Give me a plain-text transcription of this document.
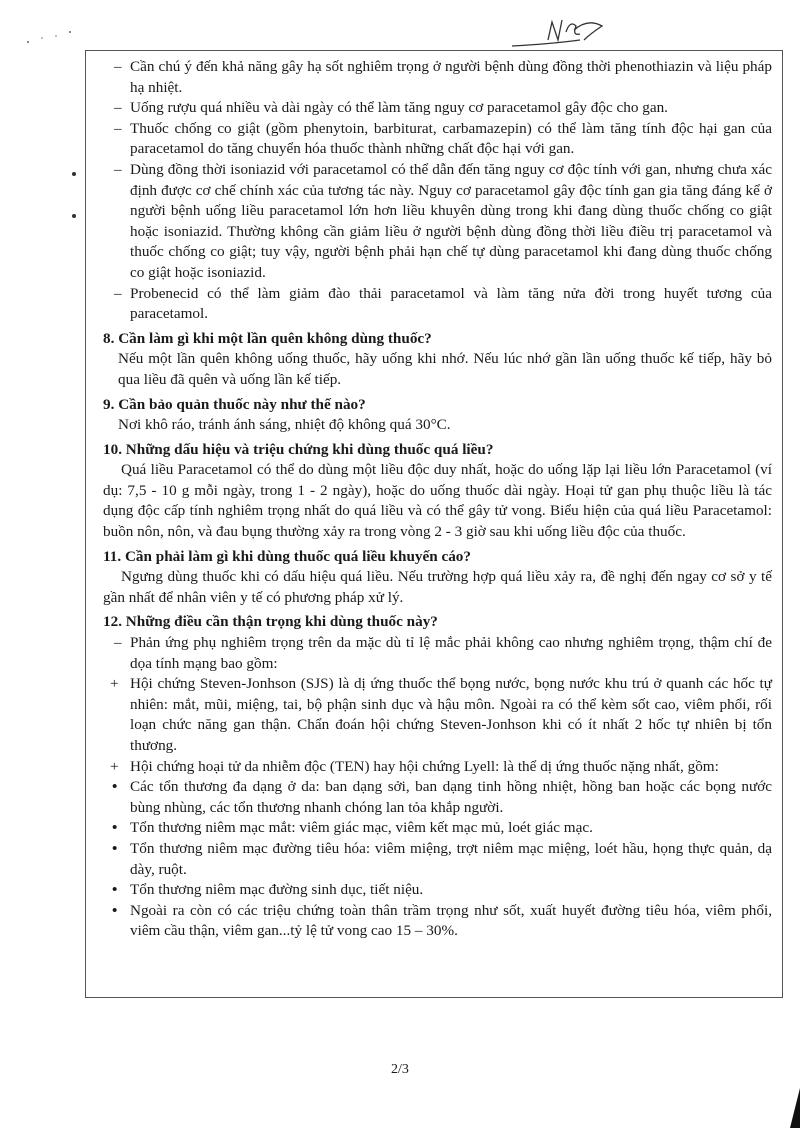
– Cần chú ý đến khả năng gây hạ sốt nghiêm trọng ở người bệnh dùng đồng thời phenothiazin và liệu pháp hạ nhiệt.
– Uống rượu quá nhiều và dài ngày có thể làm tăng nguy cơ paracetamol gây độc cho gan.
– Thuốc chống co giật (gồm phenytoin, barbiturat, carbamazepin) có thể làm tăng tính độc hại gan của paracetamol do tăng chuyển hóa thuốc thành những chất độc hại với gan.
– Dùng đồng thời isoniazid với paracetamol có thể dẫn đến tăng nguy cơ độc tính với gan, nhưng chưa xác định được cơ chế chính xác của tương tác này. Nguy cơ paracetamol gây độc tính gan gia tăng đáng kể ở người bệnh uống liều paracetamol lớn hơn liều khuyên dùng trong khi đang dùng thuốc chống co giật hoặc isoniazid. Thường không cần giảm liều ở người bệnh dùng đồng thời liều điều trị paracetamol và thuốc chống co giật; tuy vậy, người bệnh phải hạn chế tự dùng paracetamol khi đang dùng thuốc chống co giật hoặc isoniazid.
– Probenecid có thể làm giảm đào thải paracetamol và làm tăng nửa đời trong huyết tương của paracetamol.
8. Cần làm gì khi một lần quên không dùng thuốc?
Nếu một lần quên không uống thuốc, hãy uống khi nhớ. Nếu lúc nhớ gần lần uống thuốc kế tiếp, hãy bỏ qua liều đã quên và uống lần kế tiếp.
9. Cần bảo quản thuốc này như thế nào?
Nơi khô ráo, tránh ánh sáng, nhiệt độ không quá 30°C.
10. Những dấu hiệu và triệu chứng khi dùng thuốc quá liều?
Quá liều Paracetamol có thể do dùng một liều độc duy nhất, hoặc do uống lặp lại liều lớn Paracetamol (ví dụ: 7,5 - 10 g mỗi ngày, trong 1 - 2 ngày), hoặc do uống thuốc dài ngày. Hoại tử gan phụ thuộc liều là tác dụng độc cấp tính nghiêm trọng nhất do quá liều và có thể gây tử vong. Biểu hiện của quá liều Paracetamol: buồn nôn, nôn, và đau bụng thường xảy ra trong vòng 2 - 3 giờ sau khi uống liều độc của thuốc.
11. Cần phải làm gì khi dùng thuốc quá liều khuyến cáo?
Ngưng dùng thuốc khi có dấu hiệu quá liều. Nếu trường hợp quá liều xảy ra, đề nghị đến ngay cơ sở y tế gần nhất để nhân viên y tế có phương pháp xử lý.
12. Những điều cần thận trọng khi dùng thuốc này?
– Phản ứng phụ nghiêm trọng trên da mặc dù tỉ lệ mắc phải không cao nhưng nghiêm trọng, thậm chí đe dọa tính mạng bao gồm:
+ Hội chứng Steven-Jonhson (SJS) là dị ứng thuốc thể bọng nước, bọng nước khu trú ở quanh các hốc tự nhiên: mắt, mũi, miệng, tai, bộ phận sinh dục và hậu môn. Ngoài ra có thể kèm sốt cao, viêm phổi, rối loạn chức năng gan thận. Chẩn đoán hội chứng Steven-Jonhson khi có ít nhất 2 hốc tự nhiên bị tổn thương.
+ Hội chứng hoại tử da nhiễm độc (TEN) hay hội chứng Lyell: là thể dị ứng thuốc nặng nhất, gồm:
• Các tổn thương đa dạng ở da: ban dạng sởi, ban dạng tinh hồng nhiệt, hồng ban hoặc các bọng nước bùng nhùng, các tổn thương nhanh chóng lan tỏa khắp người.
• Tổn thương niêm mạc mắt: viêm giác mạc, viêm kết mạc mủ, loét giác mạc.
• Tổn thương niêm mạc đường tiêu hóa: viêm miệng, trợt niêm mạc miệng, loét hầu, họng thực quản, dạ dày, ruột.
• Tổn thương niêm mạc đường sinh dục, tiết niệu.
• Ngoài ra còn có các triệu chứng toàn thân trầm trọng như sốt, xuất huyết đường tiêu hóa, viêm phổi, viêm cầu thận, viêm gan...tỷ lệ tử vong cao 15 – 30%.
2/3
